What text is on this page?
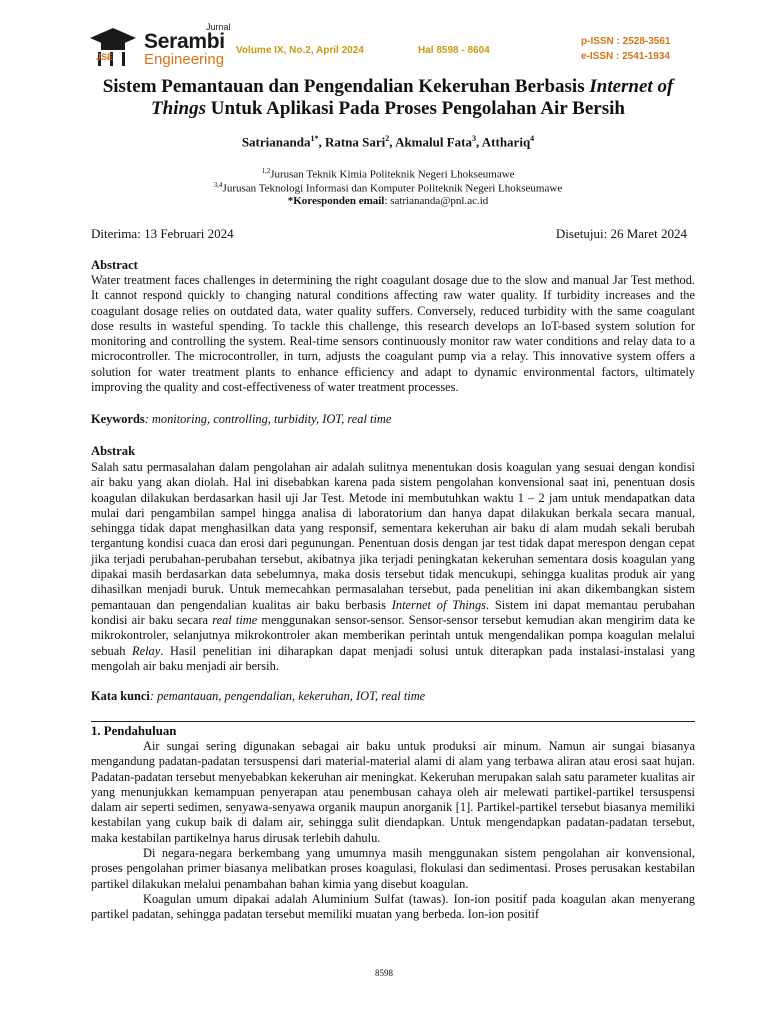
JSE
Jurnal
Serambi
Engineering
Volume IX, No.2, April 2024	Hal 8598 - 8604
p-ISSN : 2528-3561
e-ISSN : 2541-1934
Sistem Pemantauan dan Pengendalian Kekeruhan Berbasis Internet of Things Untuk Aplikasi Pada Proses Pengolahan Air Bersih
Satriananda$^{1*}$, Ratna Sari$^2$, Akmalul Fata$^3$, Atthariq$^4$
$^{1,2}$Jurusan Teknik Kimia Politeknik Negeri Lhokseumawe
$^{3,4}$Jurusan Teknologi Informasi dan Komputer Politeknik Negeri Lhokseumawe
*Koresponden email: satriananda@pnl.ac.id
Diterima: 13 Februari 2024	Disetujui: 26 Maret 2024
Abstract
Water treatment faces challenges in determining the right coagulant dosage due to the slow and manual Jar Test method. It cannot respond quickly to changing natural conditions affecting raw water quality. If turbidity increases and the coagulant dosage relies on outdated data, water quality suffers. Conversely, reduced turbidity with the same coagulant dose results in wasteful spending. To tackle this challenge, this research develops an IoT-based system solution for monitoring and controlling the system. Real-time sensors continuously monitor raw water conditions and relay data to a microcontroller. The microcontroller, in turn, adjusts the coagulant pump via a relay. This innovative system offers a solution for water treatment plants to enhance efficiency and adapt to dynamic environmental factors, ultimately improving the quality and cost-effectiveness of water treatment processes.
Keywords: monitoring, controlling, turbidity, IOT, real time
Abstrak
Salah satu permasalahan dalam pengolahan air adalah sulitnya menentukan dosis koagulan yang sesuai dengan kondisi air baku yang akan diolah. Hal ini disebabkan karena pada sistem pengolahan konvensional saat ini, penentuan dosis koagulan dilakukan berdasarkan hasil uji Jar Test. Metode ini membutuhkan waktu 1 – 2 jam untuk mendapatkan data mulai dari pengambilan sampel hingga analisa di laboratorium dan hanya dapat dilakukan berkala secara manual, sehingga tidak dapat menghasilkan data yang responsif, sementara kekeruhan air baku di alam mudah sekali berubah tergantung kondisi cuaca dan erosi dari pegunungan. Penentuan dosis dengan jar test tidak dapat merespon dengan cepat jika terjadi perubahan-perubahan tersebut, akibatnya jika terjadi peningkatan kekeruhan sementara dosis koagulan yang dipakai masih berdasarkan data sebelumnya, maka dosis tersebut tidak mencukupi, sehingga kualitas produk air yang dihasilkan menjadi buruk. Untuk memecahkan permasalahan tersebut, pada penelitian ini akan dikembangkan sistem pemantauan dan pengendalian kualitas air baku berbasis Internet of Things. Sistem ini dapat memantau perubahan kondisi air baku secara real time menggunakan sensor-sensor. Sensor-sensor tersebut kemudian akan mengirim data ke mikrokontroler, selanjutnya mikrokontroler akan memberikan perintah untuk mengendalikan pompa koagulan melalui sebuah Relay. Hasil penelitian ini diharapkan dapat menjadi solusi untuk diterapkan pada instalasi-instalasi yang mengolah air baku menjadi air bersih.
Kata kunci: pemantauan, pengendalian, kekeruhan, IOT, real time
1. Pendahuluan

Air sungai sering digunakan sebagai air baku untuk produksi air minum. Namun air sungai biasanya mengandung padatan-padatan tersuspensi dari material-material alami di alam yang terbawa aliran atau erosi saat hujan. Padatan-padatan tersebut menyebabkan kekeruhan air meningkat. Kekeruhan merupakan salah satu parameter kualitas air yang menunjukkan kemampuan penyerapan atau penembusan cahaya oleh air melewati partikel-partikel tersuspensi dalam air seperti sedimen, senyawa-senyawa organik maupun anorganik [1]. Partikel-partikel tersebut biasanya memiliki kestabilan yang cukup baik di dalam air, sehingga sulit diendapkan. Untuk mengendapkan padatan-padatan tersebut, maka kestabilan partikelnya harus dirusak terlebih dahulu.

Di negara-negara berkembang yang umumnya masih menggunakan sistem pengolahan air konvensional, proses pengolahan primer biasanya melibatkan proses koagulasi, flokulasi dan sedimentasi. Proses perusakan kestabilan partikel dilakukan melalui penambahan bahan kimia yang disebut koagulan.

Koagulan umum dipakai adalah Aluminium Sulfat (tawas). Ion-ion positif pada koagulan akan menyerang partikel padatan, sehingga padatan tersebut memiliki muatan yang berbeda. Ion-ion positif

8598
